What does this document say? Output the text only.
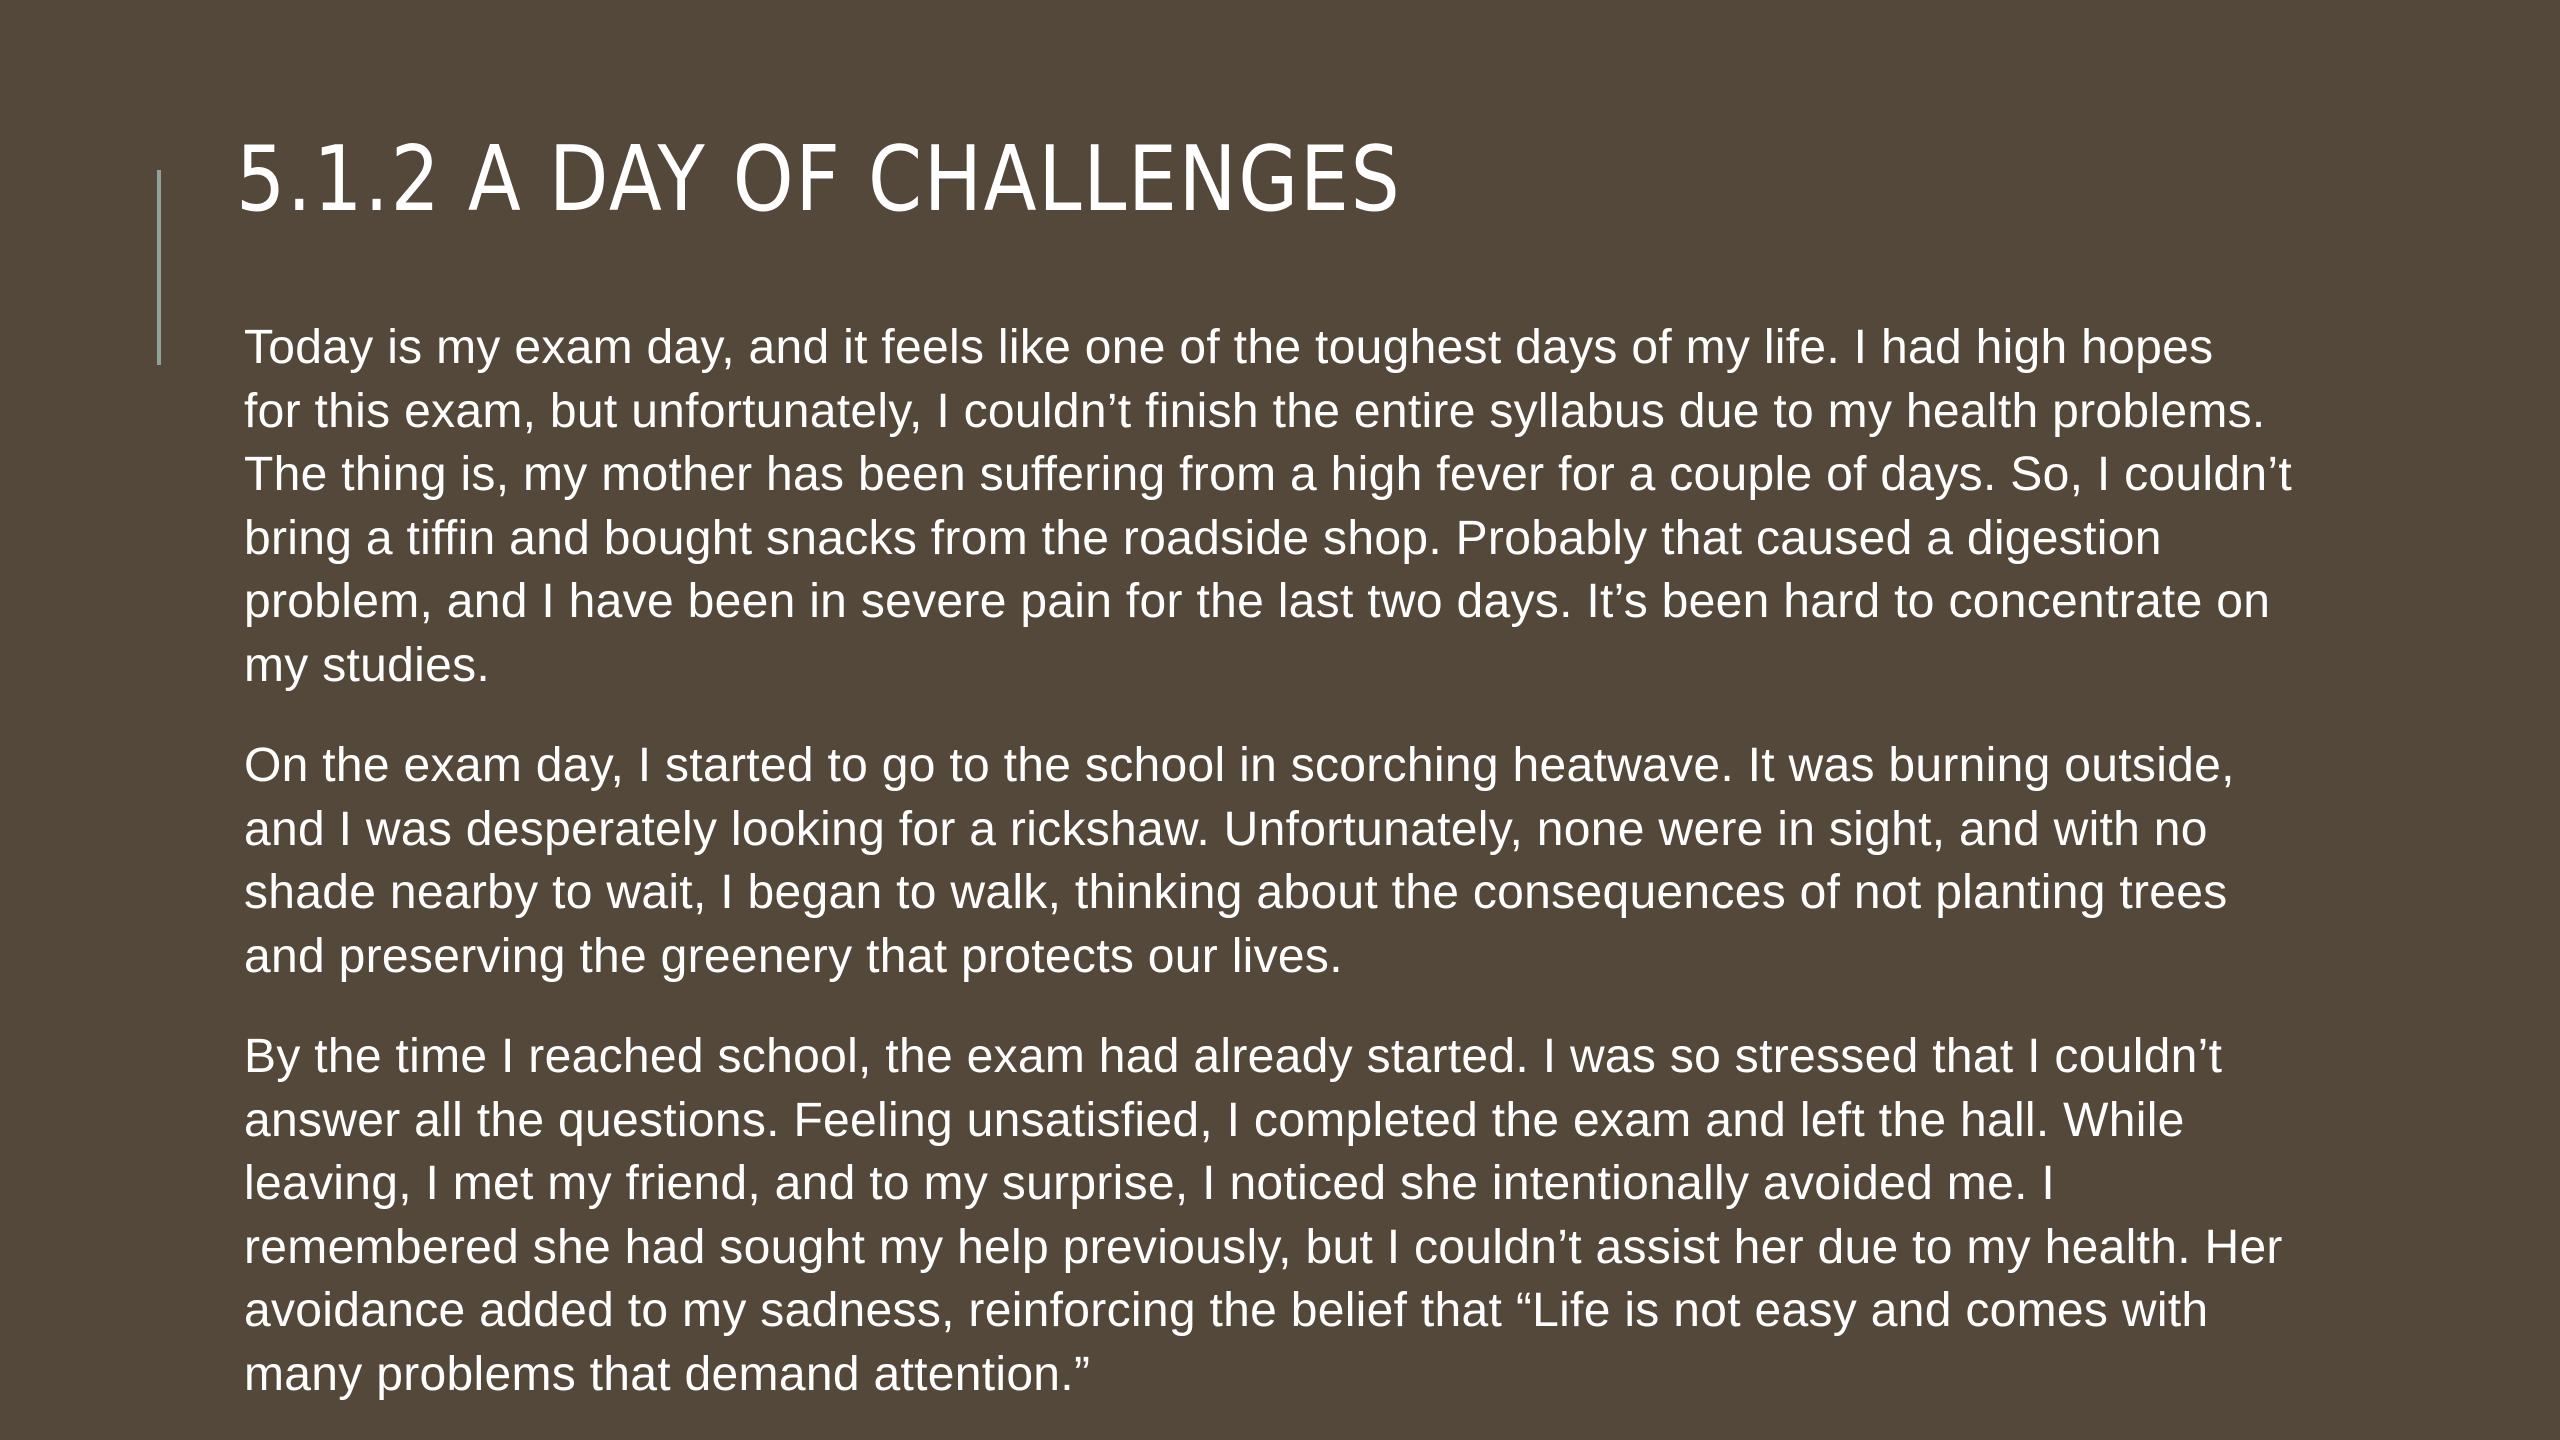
5.1.2 A DAY OF CHALLENGES

Today is my exam day, and it feels like one of the toughest days of my life. I had high hopes
for this exam, but unfortunately, I couldn’t finish the entire syllabus due to my health problems.
The thing is, my mother has been suffering from a high fever for a couple of days. So, I couldn’t
bring a tiffin and bought snacks from the roadside shop. Probably that caused a digestion
problem, and I have been in severe pain for the last two days. It’s been hard to concentrate on
my studies.

On the exam day, I started to go to the school in scorching heatwave. It was burning outside,
and I was desperately looking for a rickshaw. Unfortunately, none were in sight, and with no
shade nearby to wait, I began to walk, thinking about the consequences of not planting trees
and preserving the greenery that protects our lives.

By the time I reached school, the exam had already started. I was so stressed that I couldn’t
answer all the questions. Feeling unsatisfied, I completed the exam and left the hall. While
leaving, I met my friend, and to my surprise, I noticed she intentionally avoided me. I
remembered she had sought my help previously, but I couldn’t assist her due to my health. Her
avoidance added to my sadness, reinforcing the belief that “Life is not easy and comes with
many problems that demand attention.”
